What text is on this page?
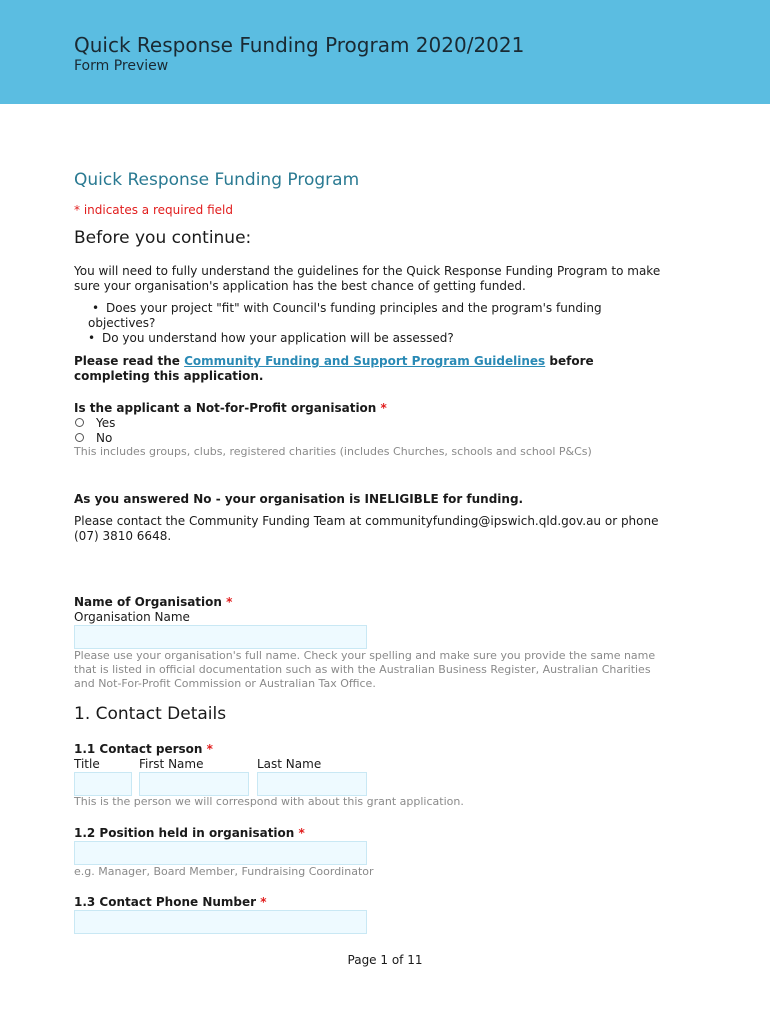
Quick Response Funding Program 2020/2021
Form Preview
Quick Response Funding Program
* indicates a required field
Before you continue:
You will need to fully understand the guidelines for the Quick Response Funding Program to make sure your organisation's application has the best chance of getting funded.
• Does your project "fit" with Council's funding principles and the program's funding objectives?
• Do you understand how your application will be assessed?
Please read the Community Funding and Support Program Guidelines before completing this application.
Is the applicant a Not-for-Profit organisation *
Yes
No
This includes groups, clubs, registered charities (includes Churches, schools and school P&Cs)
As you answered No - your organisation is INELIGIBLE for funding.
Please contact the Community Funding Team at communityfunding@ipswich.qld.gov.au or phone (07) 3810 6648.
Name of Organisation *
Organisation Name
Please use your organisation's full name. Check your spelling and make sure you provide the same name that is listed in official documentation such as with the Australian Business Register, Australian Charities and Not-For-Profit Commission or Australian Tax Office.
1. Contact Details
1.1 Contact person *
Title	First Name	Last Name
This is the person we will correspond with about this grant application.
1.2 Position held in organisation *
e.g. Manager, Board Member, Fundraising Coordinator
1.3 Contact Phone Number *
Page 1 of 11
